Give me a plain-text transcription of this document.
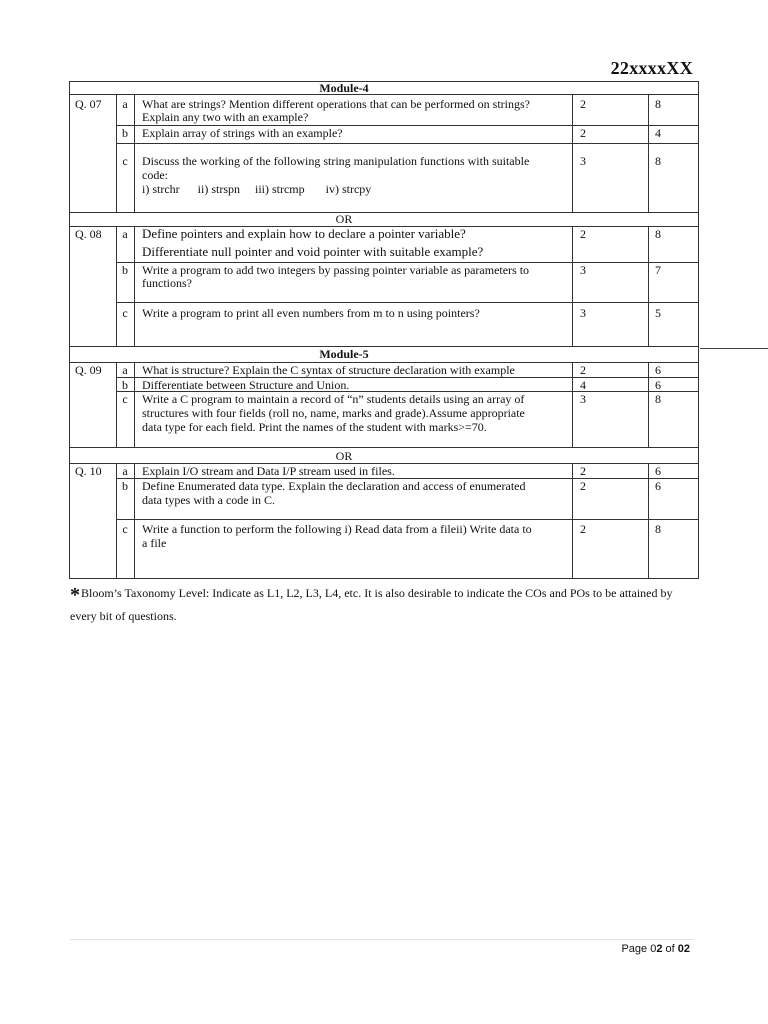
22xxxxXX
Module-4
Q. 07	a	What are strings? Mention different operations that can be performed on strings?
Explain any two with an example?
2	8
b	Explain array of strings with an example?	2	4
c	Discuss the working of the following string manipulation functions with suitable
code:
i) strchr      ii) strspn     iii) strcmp       iv) strcpy
3	8
OR
Q. 08	a	Define pointers and explain how to declare a pointer variable?
Differentiate null pointer and void pointer with suitable example?
2	8
b	Write a program to add two integers by passing pointer variable as parameters to
functions?
3	7
c	Write a program to print all even numbers from m to n using pointers?	3	5
Module-5
Q. 09	a	What is structure? Explain the C syntax of structure declaration with example	2	6
b	Differentiate between Structure and Union.	4	6
c	Write a C program to maintain a record of “n” students details using an array of
structures with four fields (roll no, name, marks and grade).Assume appropriate
data type for each field. Print the names of the student with marks>=70.
3	8
OR
Q. 10	a	Explain I/O stream and Data I/P stream used in files.	2	6
b	Define Enumerated data type. Explain the declaration and access of enumerated
data types with a code in C.
2	6
c	Write a function to perform the following i) Read data from a fileii) Write data to
a file
2	8
*Bloom’s Taxonomy Level: Indicate as L1, L2, L3, L4, etc. It is also desirable to indicate the COs and POs to be attained by every bit of questions.
Page 02 of 02
